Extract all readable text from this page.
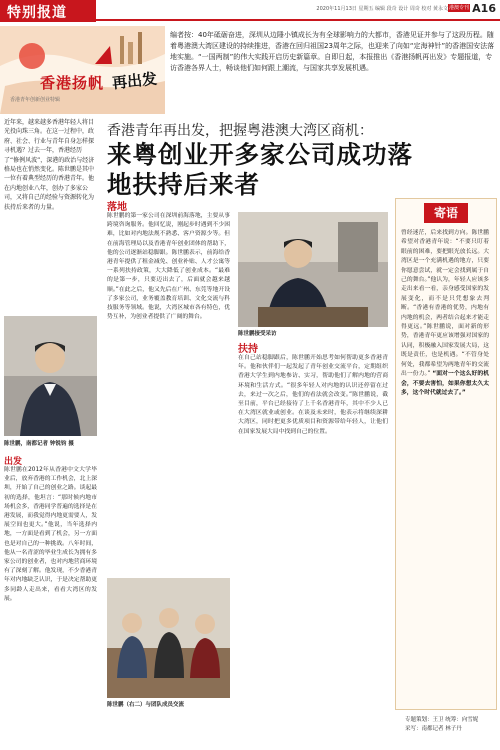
特别报道	2020年11月13日 星期五 编辑 段奇 设计 周奇 校对 黄永文 港澳专刊 A16
香港扬帆 再出发
香港青年创新创业特辑
编者按：40年砥砺奋进，深圳从边陲小镇成长为有全球影响力的大都市，香港见证并参与了这段历程。随着粤港澳大湾区建设的持续推进，香港在回归祖国23周年之际，也迎来了向如“定海神针”的香港国安法落地实施。“一国两制”的伟大实践开启历史新篇章。自即日起，本报推出《香港扬帆再出发》专题报道，专访香港各界人士，畅谈他们如何跟上潮流，与国家共享发展机遇。
近年来，越来越多香港年轻人将目光投向珠三角。在这一过程中，政府、社会、行业与青年自身怎样探寻机遇？过去一年，香港经历了“修例风波”，深港的政治与经济格局也在悄然变化。陈世鹏是其中一位有着典型经历的香港青年。他在内地创业八年，创办了多家公司，又将自己的经验与资源转化为扶持后来者的力量。
陈世鹏，南都记者 钟锐钧 摄
香港青年再出发，把握粤港澳大湾区商机：
来粤创业开多家公司成功落地扶持后来者
出发
陈世鹏在2012年从香港中文大学毕业后，放弃香港的工作机会，北上深圳，开始了自己的创业之路。谈起最初的选择，他坦言：“那时候内地市场机会多，香港同学普遍的选择是在港发展，而我觉得内地更需要人，发展空间也更大。”他说，当年选择内地，一方面是看到了机会，另一方面也是对自己的一种挑战。八年时间，他从一名青涩的毕业生成长为拥有多家公司的创业者，也对内地营商环境有了深刻了解。他发现，不少香港青年对内地缺乏认识，于是决定帮助更多同龄人走出来，看看大湾区的发展。
落地
陈世鹏的第一家公司在深圳前海落地，主要从事跨境咨询服务。他回忆说，刚起步时遇到不少困难，比如对内地法规不熟悉、客户资源少等。但在前海管理局以及香港青年创业团体的帮助下，他的公司逐渐站稳脚跟。陈世鹏表示，前海给香港青年提供了租金减免、创业补贴、人才公寓等一系列扶持政策，大大降低了创业成本。“最难的是第一步，只要迈出去了，后面就会越来越顺。”在此之后，他又先后在广州、东莞等地开设了多家公司，业务覆盖教育培训、文化交流与科技服务等领域。他说，大湾区城市各有特色，优势互补，为创业者提供了广阔的舞台。
陈世鹏（右二）与团队成员交流
陈世鹏接受采访
扶持
在自己站稳脚跟后，陈世鹏开始思考如何帮助更多香港青年。他和伙伴们一起发起了青年创业交流平台，定期组织香港大学生到内地参访、实习，帮助他们了解内地的营商环境和生活方式。“很多年轻人对内地的认识还停留在过去，来过一次之后，他们的看法就会改变。”陈世鹏说，截至目前，平台已经接待了上千名香港青年，其中不少人已在大湾区就业或创业。在谈及未来时，他表示将继续深耕大湾区，同时把更多优质项目和资源带给年轻人，让他们在国家发展大局中找到自己的位置。
寄语
曾经迷茫，后来找到方向。陈世鹏希望对香港青年说：“不要只盯着眼前的困难，要把眼光放长远。大湾区是一个充满机遇的地方，只要你愿意尝试，就一定会找到属于自己的舞台。”他认为，年轻人应该多走出来看一看，亲身感受国家的发展变化，而不是只凭想象去判断。“香港有香港的优势，内地有内地的机会，两者结合起来才能走得更远。”陈世鹏说，面对新的形势，香港青年更应该增强对国家的认同，积极融入国家发展大局，这既是责任，也是机遇。“不管身处何处，我都希望为两地青年的交流出一份力。” “面对一个这么好的机会，不要去害怕，如果你想太久太多，这个时代就过去了。”
专题策划：王卫 统筹：向雪妮
采写：南都记者 林子丹
